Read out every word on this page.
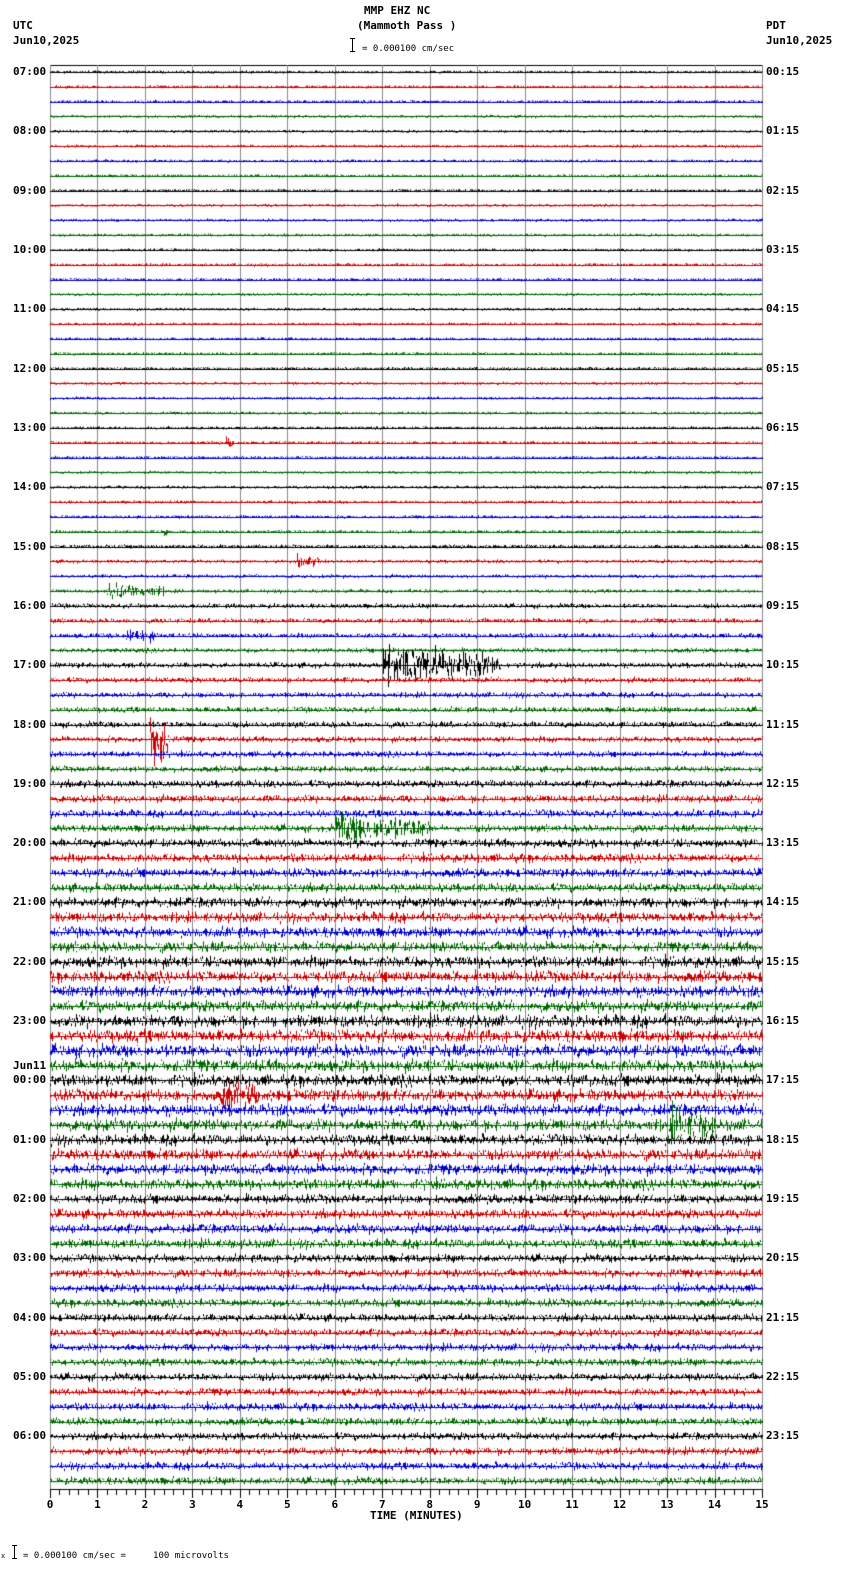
07:00
08:00
09:00
10:00
11:00
12:00
13:00
14:00
15:00
16:00
17:00
18:00
19:00
20:00
21:00
22:00
23:00
Jun11
00:00
01:00
02:00
03:00
04:00
05:00
06:00
00:15
01:15
02:15
03:15
04:15
05:15
06:15
07:15
08:15
09:15
10:15
11:15
12:15
13:15
14:15
15:15
16:15
17:15
18:15
19:15
20:15
21:15
22:15
23:15
0	1	2	3	4	5	6	7	8	9	10	11	12	13	14	15
TIME (MINUTES)
x = 0.000100 cm/sec =     100 microvolts
